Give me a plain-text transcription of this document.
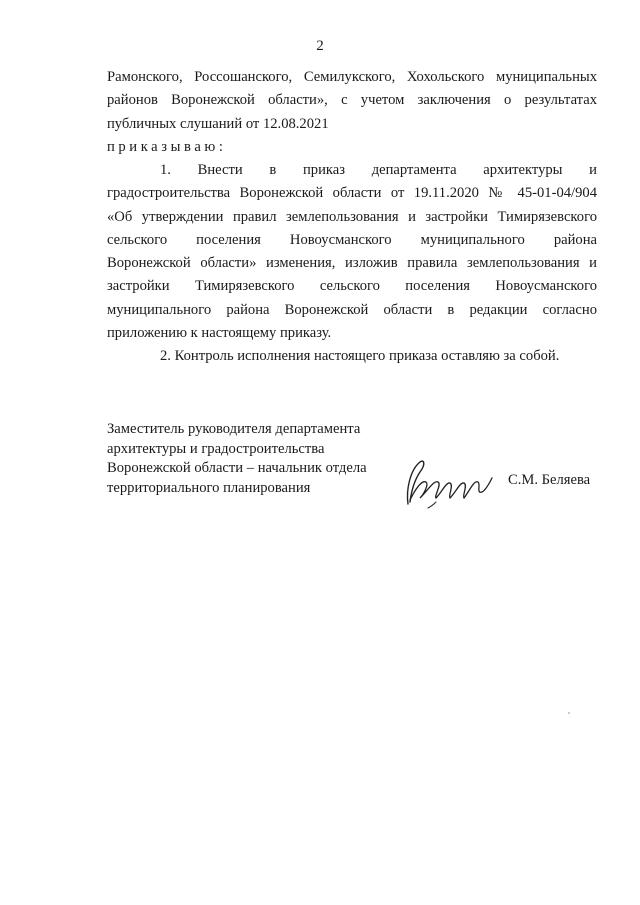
2
Рамонского, Россошанского, Семилукского, Хохольского муниципальных
районов Воронежской области», с учетом заключения о результатах
публичных слушаний от 12.08.2021
приказываю:
1. Внести в приказ департамента архитектуры и
градостроительства Воронежской области от 19.11.2020 № 45-01-04/904
«Об утверждении правил землепользования и застройки Тимирязевского
сельского поселения Новоусманского муниципального района
Воронежской области» изменения, изложив правила землепользования и
застройки Тимирязевского сельского поселения Новоусманского
муниципального района Воронежской области в редакции согласно
приложению к настоящему приказу.
2. Контроль исполнения настоящего приказа оставляю за собой.
Заместитель руководителя департамента
архитектуры и градостроительства
Воронежской области – начальник отдела
территориального планирования	С.М. Беляева
